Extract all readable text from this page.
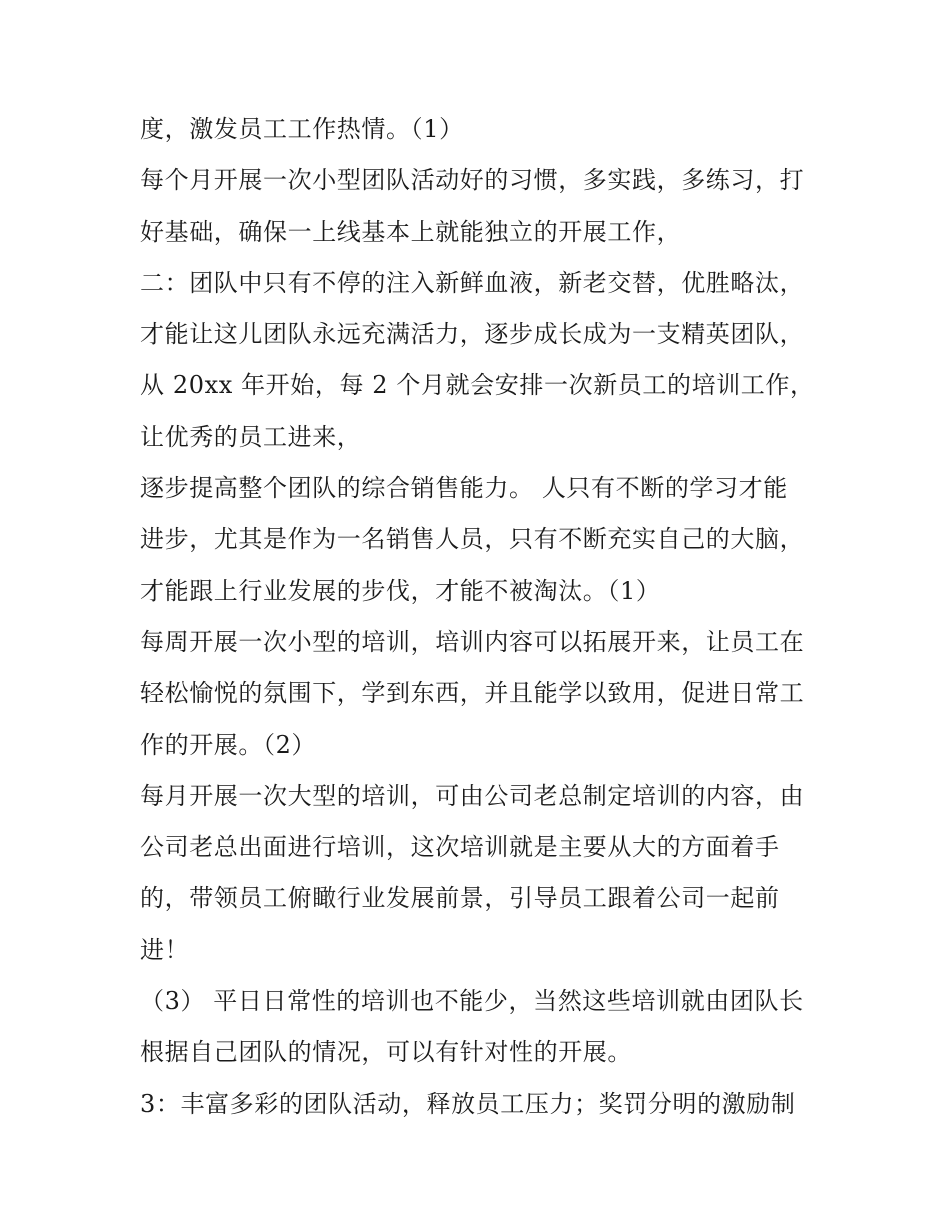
度，激发员工工作热情。（1）
每个月开展一次小型团队活动好的习惯，多实践，多练习，打
好基础，确保一上线基本上就能独立的开展工作，
二：团队中只有不停的注入新鲜血液，新老交替，优胜略汰，
才能让这儿团队永远充满活力，逐步成长成为一支精英团队，
从 20xx 年开始，每 2 个月就会安排一次新员工的培训工作，
让优秀的员工进来，
逐步提高整个团队的综合销售能力。 人只有不断的学习才能
进步，尤其是作为一名销售人员，只有不断充实自己的大脑，
才能跟上行业发展的步伐，才能不被淘汰。（1）
每周开展一次小型的培训，培训内容可以拓展开来，让员工在
轻松愉悦的氛围下，学到东西，并且能学以致用，促进日常工
作的开展。（2）
每月开展一次大型的培训，可由公司老总制定培训的内容，由
公司老总出面进行培训，这次培训就是主要从大的方面着手
的，带领员工俯瞰行业发展前景，引导员工跟着公司一起前
进！
（3） 平日日常性的培训也不能少，当然这些培训就由团队长
根据自己团队的情况，可以有针对性的开展。
3：丰富多彩的团队活动，释放员工压力；奖罚分明的激励制
